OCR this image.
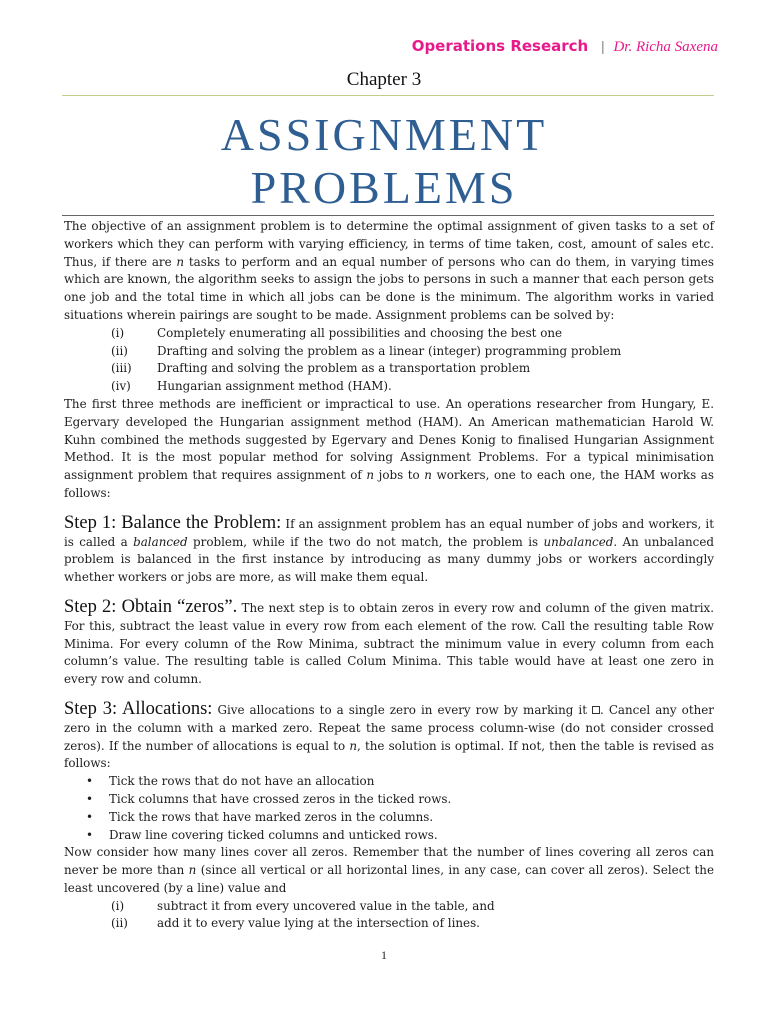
Operations Research | Dr. Richa Saxena
Chapter 3
ASSIGNMENT
PROBLEMS

The objective of an assignment problem is to determine the optimal assignment of given tasks to a set of workers which they can perform with varying efficiency, in terms of time taken, cost, amount of sales etc. Thus, if there are n tasks to perform and an equal number of persons who can do them, in varying times which are known, the algorithm seeks to assign the jobs to persons in such a manner that each person gets one job and the total time in which all jobs can be done is the minimum. The algorithm works in varied situations wherein pairings are sought to be made. Assignment problems can be solved by:

(i)	Completely enumerating all possibilities and choosing the best one
(ii)	Drafting and solving the problem as a linear (integer) programming problem
(iii)	Drafting and solving the problem as a transportation problem
(iv)	Hungarian assignment method (HAM).

The first three methods are inefficient or impractical to use. An operations researcher from Hungary, E. Egervary developed the Hungarian assignment method (HAM). An American mathematician Harold W. Kuhn combined the methods suggested by Egervary and Denes Konig to finalised Hungarian Assignment Method. It is the most popular method for solving Assignment Problems. For a typical minimisation assignment problem that requires assignment of n jobs to n workers, one to each one, the HAM works as follows:

Step 1: Balance the Problem: If an assignment problem has an equal number of jobs and workers, it is called a balanced problem, while if the two do not match, the problem is unbalanced. An unbalanced problem is balanced in the first instance by introducing as many dummy jobs or workers accordingly whether workers or jobs are more, as will make them equal.

Step 2: Obtain “zeros”. The next step is to obtain zeros in every row and column of the given matrix. For this, subtract the least value in every row from each element of the row. Call the resulting table Row Minima. For every column of the Row Minima, subtract the minimum value in every column from each column’s value. The resulting table is called Colum Minima. This table would have at least one zero in every row and column.

Step 3: Allocations: Give allocations to a single zero in every row by marking it . Cancel any other zero in the column with a marked zero. Repeat the same process column-wise (do not consider crossed zeros). If the number of allocations is equal to n, the solution is optimal. If not, then the table is revised as follows:

•	Tick the rows that do not have an allocation
•	Tick columns that have crossed zeros in the ticked rows.
•	Tick the rows that have marked zeros in the columns.
•	Draw line covering ticked columns and unticked rows.

Now consider how many lines cover all zeros. Remember that the number of lines covering all zeros can never be more than n (since all vertical or all horizontal lines, in any case, can cover all zeros). Select the least uncovered (by a line) value and

(i)	subtract it from every uncovered value in the table, and
(ii)	add it to every value lying at the intersection of lines.
1
